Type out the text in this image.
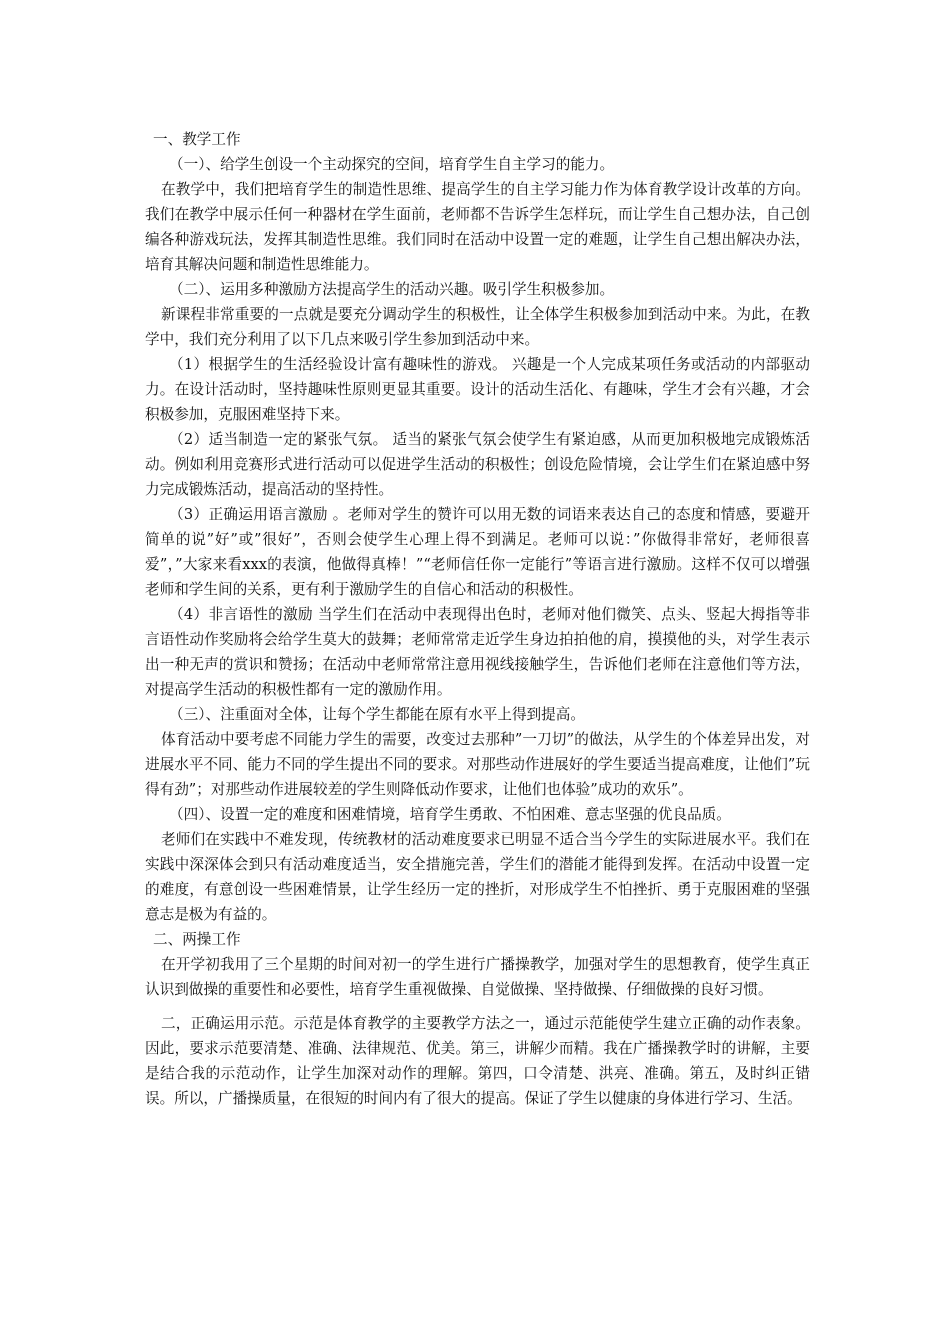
一、教学工作

（一）、给学生创设一个主动探究的空间，培育学生自主学习的能力。

在教学中，我们把培育学生的制造性思维、提高学生的自主学习能力作为体育教学设计改革的方向。我们在教学中展示任何一种器材在学生面前，老师都不告诉学生怎样玩，而让学生自己想办法，自己创编各种游戏玩法，发挥其制造性思维。我们同时在活动中设置一定的难题，让学生自己想出解决办法，培育其解决问题和制造性思维能力。

（二）、运用多种激励方法提高学生的活动兴趣。吸引学生积极参加。

新课程非常重要的一点就是要充分调动学生的积极性，让全体学生积极参加到活动中来。为此，在教学中，我们充分利用了以下几点来吸引学生参加到活动中来。

（1）根据学生的生活经验设计富有趣味性的游戏。 兴趣是一个人完成某项任务或活动的内部驱动力。在设计活动时，坚持趣味性原则更显其重要。设计的活动生活化、有趣味，学生才会有兴趣，才会积极参加，克服困难坚持下来。

（2）适当制造一定的紧张气氛。 适当的紧张气氛会使学生有紧迫感，从而更加积极地完成锻炼活动。例如利用竞赛形式进行活动可以促进学生活动的积极性；创设危险情境，会让学生们在紧迫感中努力完成锻炼活动，提高活动的坚持性。

（3）正确运用语言激励 。老师对学生的赞许可以用无数的词语来表达自己的态度和情感，要避开简单的说”好”或”很好”，否则会使学生心理上得不到满足。老师可以说：”你做得非常好，老师很喜爱”，”大家来看xxx的表演，他做得真棒！”“老师信任你一定能行”等语言进行激励。这样不仅可以增强老师和学生间的关系，更有利于激励学生的自信心和活动的积极性。

（4）非言语性的激励 当学生们在活动中表现得出色时，老师对他们微笑、点头、竖起大拇指等非言语性动作奖励将会给学生莫大的鼓舞；老师常常走近学生身边拍拍他的肩，摸摸他的头，对学生表示出一种无声的赏识和赞扬；在活动中老师常常注意用视线接触学生，告诉他们老师在注意他们等方法，对提高学生活动的积极性都有一定的激励作用。

（三）、注重面对全体，让每个学生都能在原有水平上得到提高。

体育活动中要考虑不同能力学生的需要，改变过去那种”一刀切”的做法，从学生的个体差异出发，对进展水平不同、能力不同的学生提出不同的要求。对那些动作进展好的学生要适当提高难度，让他们”玩得有劲”；对那些动作进展较差的学生则降低动作要求，让他们也体验”成功的欢乐”。

（四）、设置一定的难度和困难情境，培育学生勇敢、不怕困难、意志坚强的优良品质。

老师们在实践中不难发现，传统教材的活动难度要求已明显不适合当今学生的实际进展水平。我们在实践中深深体会到只有活动难度适当，安全措施完善，学生们的潜能才能得到发挥。在活动中设置一定的难度，有意创设一些困难情景，让学生经历一定的挫折，对形成学生不怕挫折、勇于克服困难的坚强意志是极为有益的。

二、两操工作

在开学初我用了三个星期的时间对初一的学生进行广播操教学，加强对学生的思想教育，使学生真正认识到做操的重要性和必要性，培育学生重视做操、自觉做操、坚持做操、仔细做操的良好习惯。

二，正确运用示范。示范是体育教学的主要教学方法之一，通过示范能使学生建立正确的动作表象。因此，要求示范要清楚、准确、法律规范、优美。第三，讲解少而精。我在广播操教学时的讲解，主要是结合我的示范动作，让学生加深对动作的理解。第四，口令清楚、洪亮、准确。第五，及时纠正错误。所以，广播操质量，在很短的时间内有了很大的提高。保证了学生以健康的身体进行学习、生活。
